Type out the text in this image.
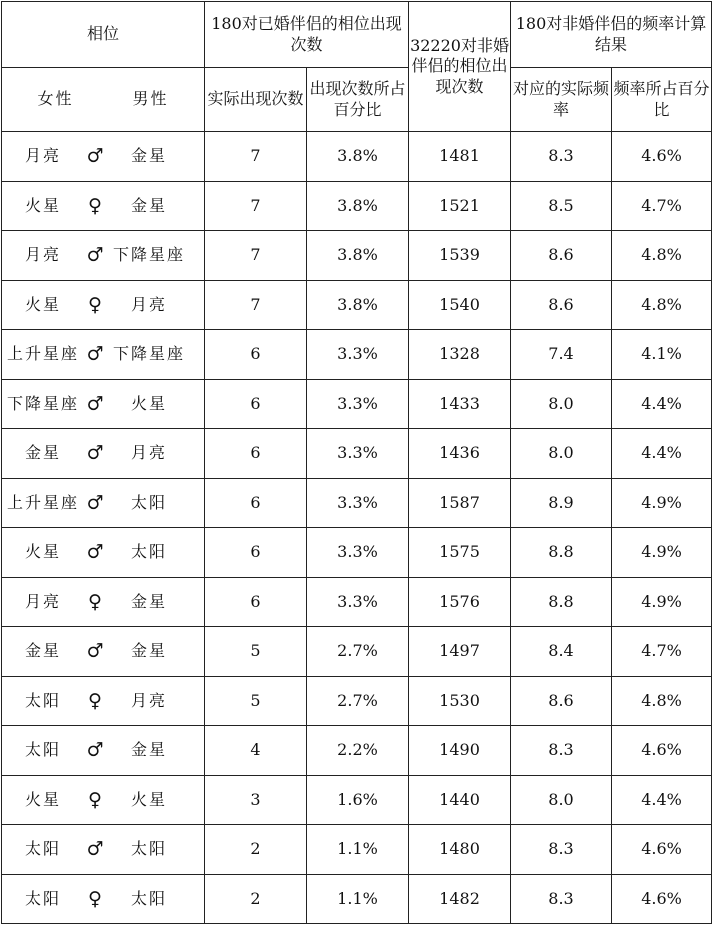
相位	180对已婚伴侣的相位出现次数		32220对非婚伴侣的相位出现次数	180对非婚伴侣的频率计算结果	

女性 男性	实际出现次数	出现次数所占百分比		对应的实际频率	频率所占百分比

月亮 ♂ 金星	7	3.8%	1481	8.3	4.6%

火星 ♀ 金星	7	3.8%	1521	8.5	4.7%

月亮 ♂ 下降星座	7	3.8%	1539	8.6	4.8%

火星 ♀ 月亮	7	3.8%	1540	8.6	4.8%

上升星座 ♂ 下降星座	6	3.3%	1328	7.4	4.1%

下降星座 ♂ 火星	6	3.3%	1433	8.0	4.4%

金星 ♂ 月亮	6	3.3%	1436	8.0	4.4%

上升星座 ♂ 太阳	6	3.3%	1587	8.9	4.9%

火星 ♂ 太阳	6	3.3%	1575	8.8	4.9%

月亮 ♀ 金星	6	3.3%	1576	8.8	4.9%

金星 ♂ 金星	5	2.7%	1497	8.4	4.7%

太阳 ♀ 月亮	5	2.7%	1530	8.6	4.8%

太阳 ♂ 金星	4	2.2%	1490	8.3	4.6%

火星 ♀ 火星	3	1.6%	1440	8.0	4.4%

太阳 ♂ 太阳	2	1.1%	1480	8.3	4.6%

太阳 ♀ 太阳	2	1.1%	1482	8.3	4.6%
